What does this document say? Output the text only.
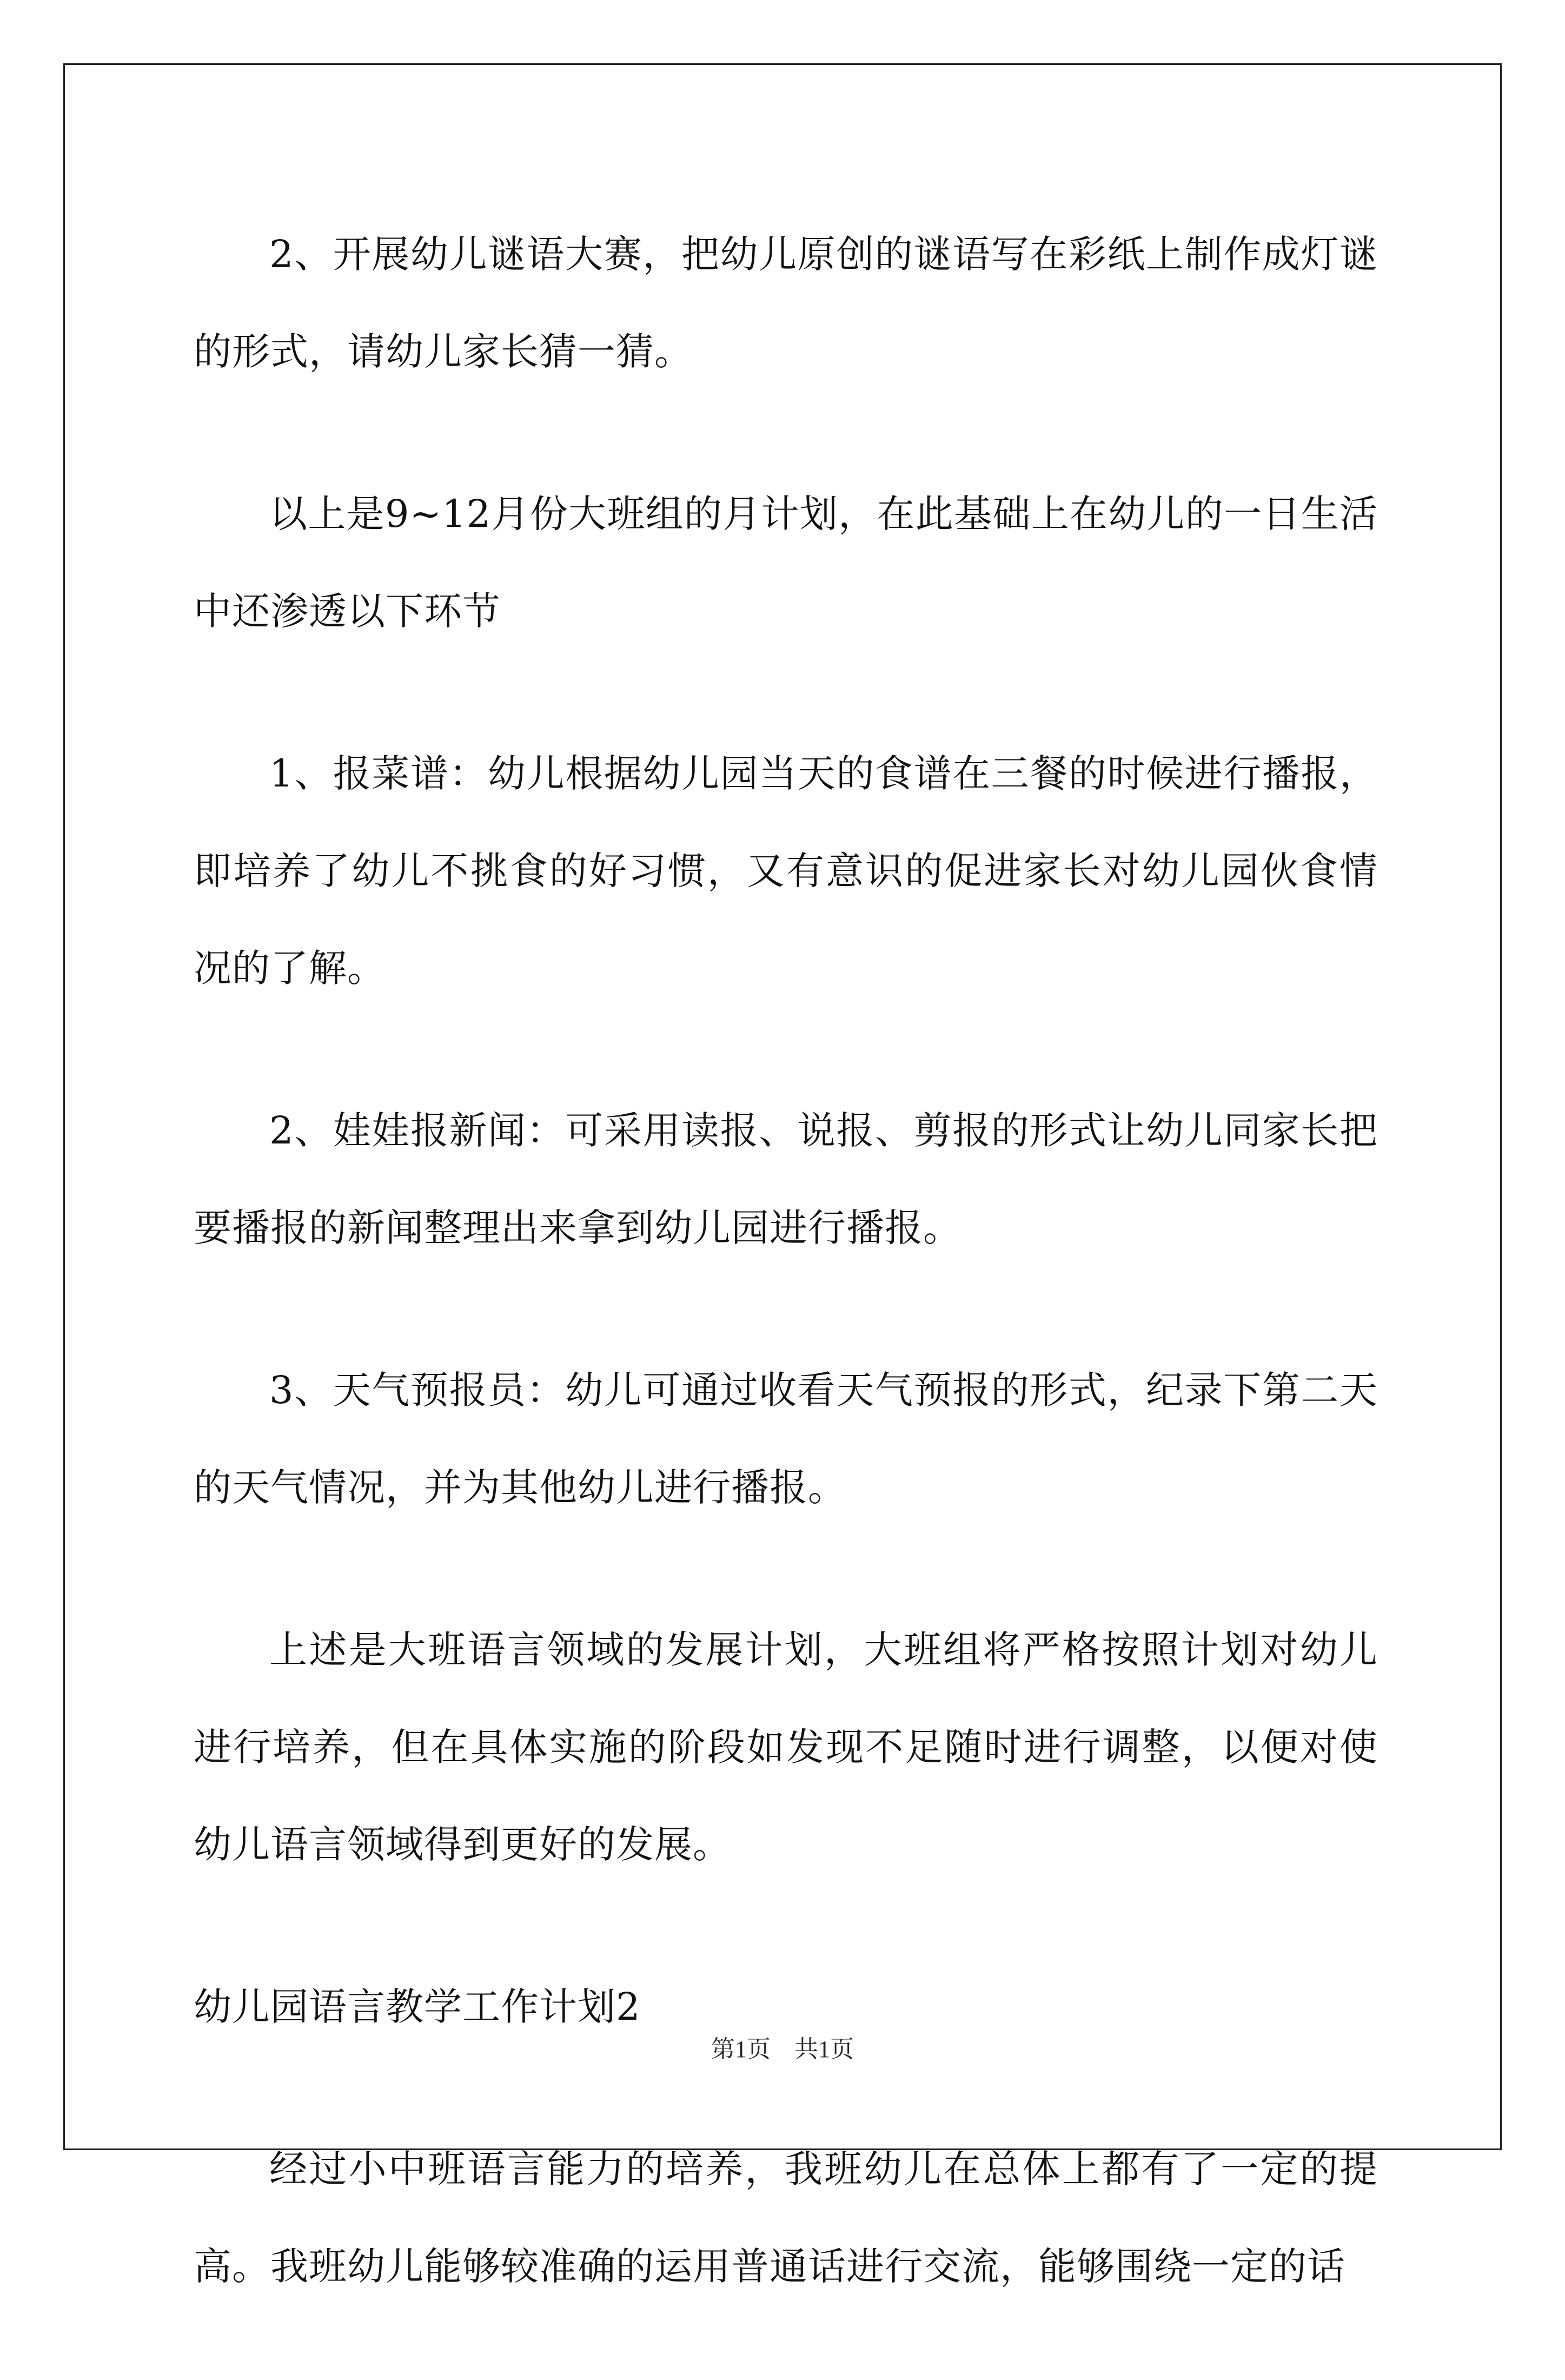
2、开展幼儿谜语大赛，把幼儿原创的谜语写在彩纸上制作成灯谜的形式，请幼儿家长猜一猜。

以上是9~12月份大班组的月计划，在此基础上在幼儿的一日生活中还渗透以下环节

1、报菜谱：幼儿根据幼儿园当天的食谱在三餐的时候进行播报，即培养了幼儿不挑食的好习惯，又有意识的促进家长对幼儿园伙食情况的了解。

2、娃娃报新闻：可采用读报、说报、剪报的形式让幼儿同家长把要播报的新闻整理出来拿到幼儿园进行播报。

3、天气预报员：幼儿可通过收看天气预报的形式，纪录下第二天的天气情况，并为其他幼儿进行播报。

上述是大班语言领域的发展计划，大班组将严格按照计划对幼儿进行培养，但在具体实施的阶段如发现不足随时进行调整，以便对使幼儿语言领域得到更好的发展。

幼儿园语言教学工作计划2

经过小中班语言能力的培养，我班幼儿在总体上都有了一定的提高。我班幼儿能够较准确的运用普通话进行交流，能够围绕一定的话

第1页　共1页
